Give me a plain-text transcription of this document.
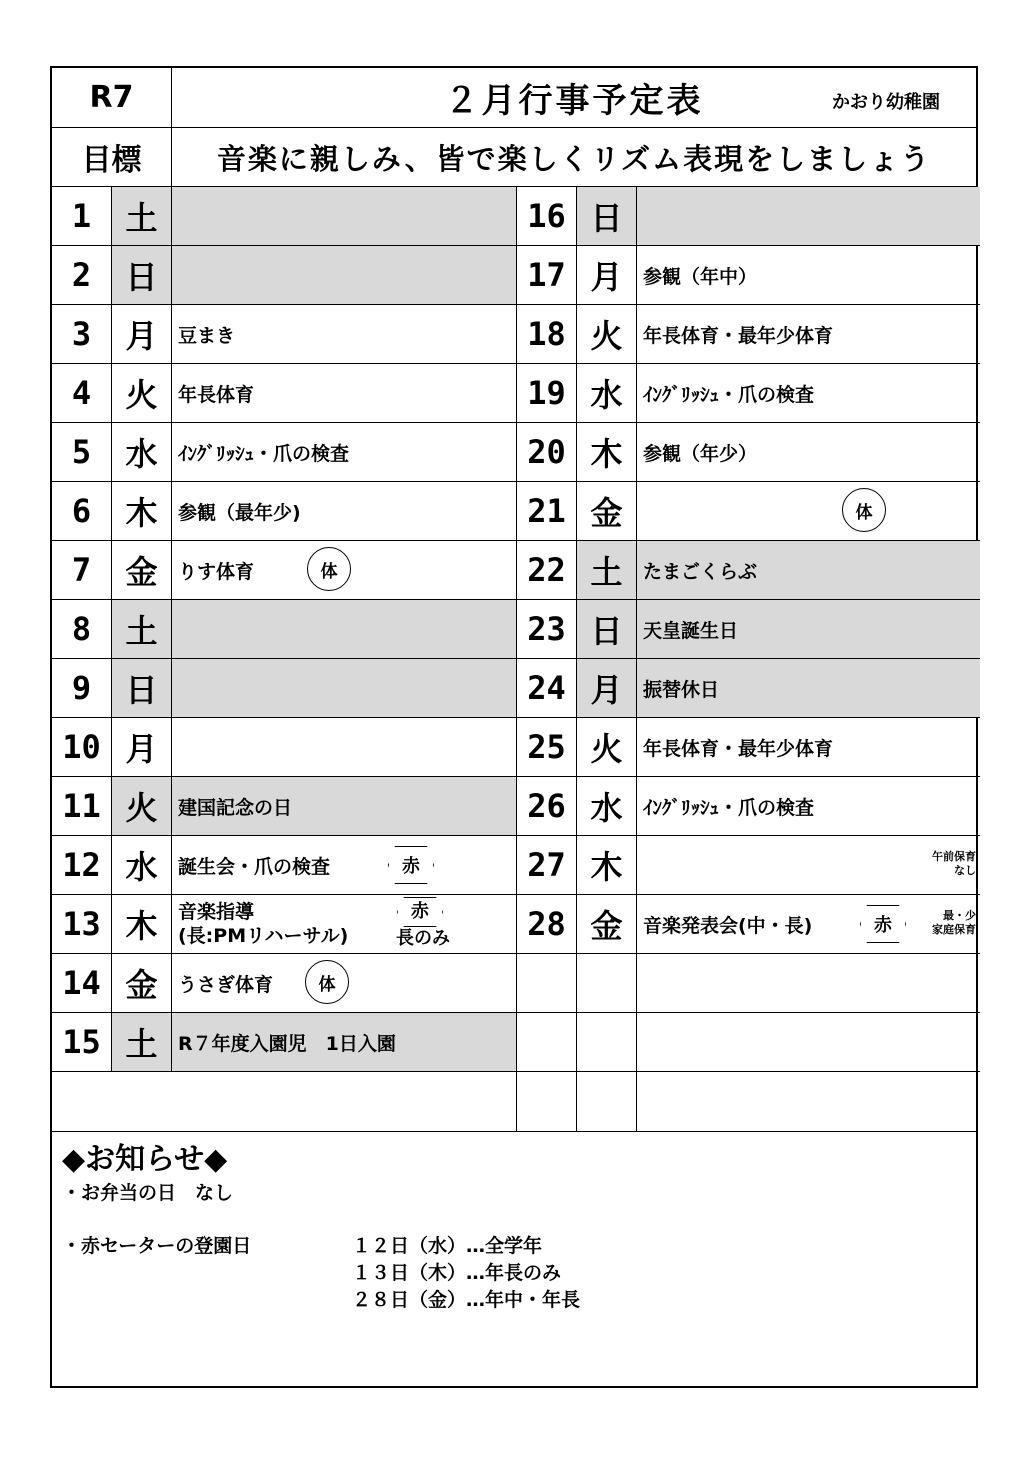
R7	２月行事予定表	かおり幼稚園
目標	音楽に親しみ、皆で楽しくリズム表現をしましょう
1	土
2	日
3	月	豆まき
4	火	年長体育
5	水	ｲﾝｸﾞﾘｯｼｭ・爪の検査
6	木	参観（最年少)
7	金	りす体育	体
8	土
9	日
10 月
11 火	建国記念の日
12 水	誕生会・爪の検査	赤
13 木	音楽指導
(長:PMリハーサル)
赤
長のみ
14 金	うさぎ体育	体
15 土	R７年度入園児　1日入園
16 日
17 月	参観（年中）
18 火	年長体育・最年少体育
19 水	ｲﾝｸﾞﾘｯｼｭ・爪の検査
20 木	参観（年少）
21 金	体
22 土	たまごくらぶ
23 日	天皇誕生日
24 月	振替休日
25 火	年長体育・最年少体育
26 水	ｲﾝｸﾞﾘｯｼｭ・爪の検査
27 木	午前保育
なし
28 金	音楽発表会(中・長)	赤	最・少
家庭保育
◆お知らせ◆

・お弁当の日　なし

・赤セーターの登園日	１２日（水）…全学年

１３日（木）…年長のみ

２８日（金）…年中・年長
